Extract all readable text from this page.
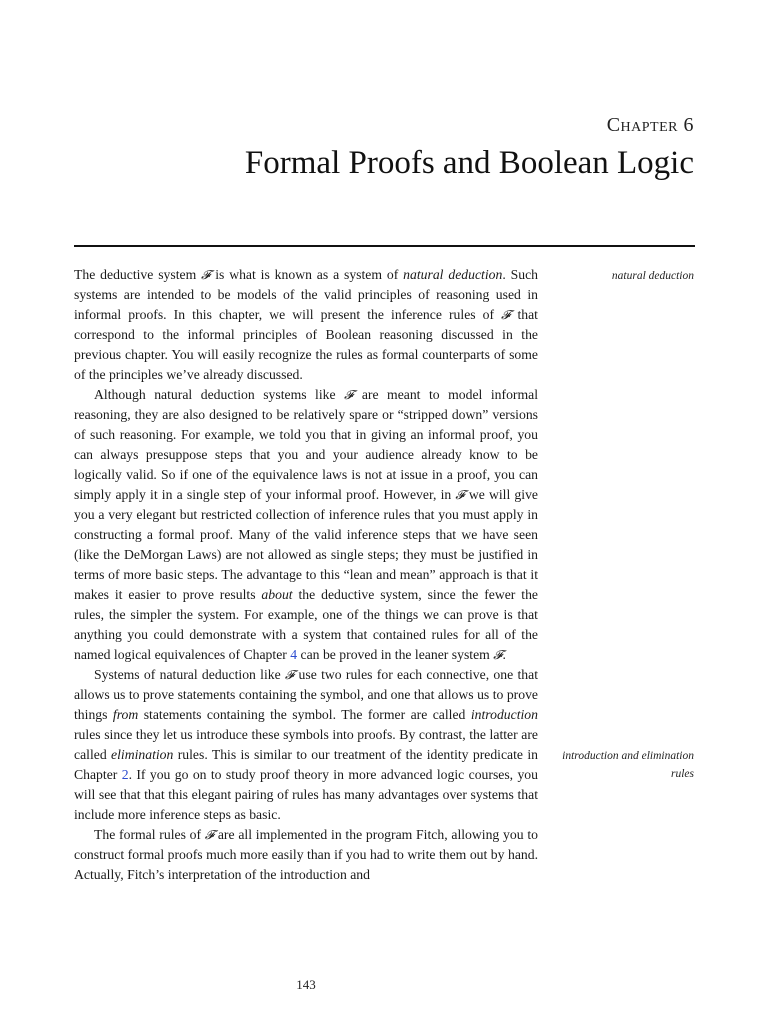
Chapter 6
Formal Proofs and Boolean Logic

The deductive system 𝓕 is what is known as a system of natural deduction. Such systems are intended to be models of the valid principles of reasoning used in informal proofs. In this chapter, we will present the inference rules of 𝓕 that correspond to the informal principles of Boolean reasoning discussed in the previous chapter. You will easily recognize the rules as formal counterparts of some of the principles we’ve already discussed.

Although natural deduction systems like 𝓕 are meant to model informal reasoning, they are also designed to be relatively spare or “stripped down” versions of such reasoning. For example, we told you that in giving an informal proof, you can always presuppose steps that you and your audience already know to be logically valid. So if one of the equivalence laws is not at issue in a proof, you can simply apply it in a single step of your informal proof. However, in 𝓕 we will give you a very elegant but restricted collection of inference rules that you must apply in constructing a formal proof. Many of the valid inference steps that we have seen (like the DeMorgan Laws) are not allowed as single steps; they must be justified in terms of more basic steps. The advantage to this “lean and mean” approach is that it makes it easier to prove results about the deductive system, since the fewer the rules, the simpler the system. For example, one of the things we can prove is that anything you could demonstrate with a system that contained rules for all of the named logical equivalences of Chapter 4 can be proved in the leaner system 𝓕.

Systems of natural deduction like 𝓕 use two rules for each connective, one that allows us to prove statements containing the symbol, and one that allows us to prove things from statements containing the symbol. The former are called introduction rules since they let us introduce these symbols into proofs. By contrast, the latter are called elimination rules. This is similar to our treatment of the identity predicate in Chapter 2. If you go on to study proof theory in more advanced logic courses, you will see that that this elegant pairing of rules has many advantages over systems that include more inference steps as basic.

The formal rules of 𝓕 are all implemented in the program Fitch, allowing you to construct formal proofs much more easily than if you had to write them out by hand. Actually, Fitch’s interpretation of the introduction and

natural deduction
introduction and elimination rules
143
